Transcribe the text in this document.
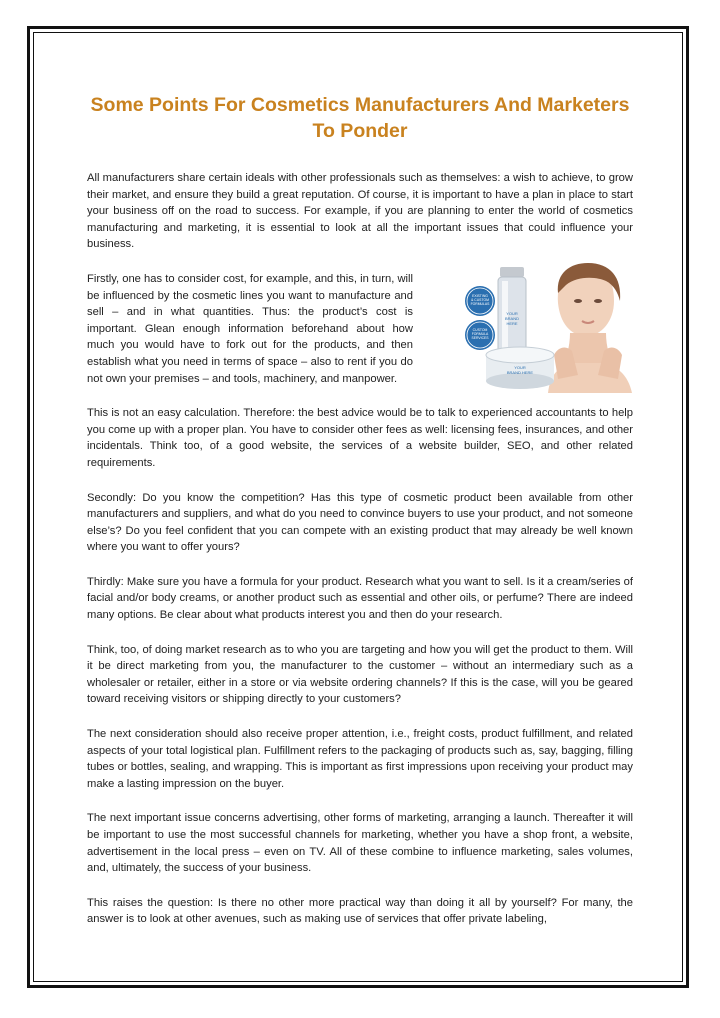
Some Points For Cosmetics Manufacturers And Marketers To Ponder

All manufacturers share certain ideals with other professionals such as themselves: a wish to achieve, to grow their market, and ensure they build a great reputation. Of course, it is important to have a plan in place to start your business off on the road to success. For example, if you are planning to enter the world of cosmetics manufacturing and marketing, it is essential to look at all the important issues that could influence your business.

Firstly, one has to consider cost, for example, and this, in turn, will be influenced by the cosmetic lines you want to manufacture and sell – and in what quantities. Thus: the product’s cost is important. Glean enough information beforehand about how much you would have to fork out for the products, and then establish what you need in terms of space – also to rent if you do not own your premises – and tools, machinery, and manpower.

YOUR
BRAND
HERE
YOUR
BRAND HERE
EXISTING
& CUSTOM
FORMULAS
CUSTOM
FORMULA
SERVICES

This is not an easy calculation. Therefore: the best advice would be to talk to experienced accountants to help you come up with a proper plan. You have to consider other fees as well: licensing fees, insurances, and other incidentals. Think too, of a good website, the services of a website builder, SEO, and other related requirements.

Secondly: Do you know the competition? Has this type of cosmetic product been available from other manufacturers and suppliers, and what do you need to convince buyers to use your product, and not someone else’s? Do you feel confident that you can compete with an existing product that may already be well known where you want to offer yours?

Thirdly: Make sure you have a formula for your product. Research what you want to sell. Is it a cream/series of facial and/or body creams, or another product such as essential and other oils, or perfume? There are indeed many options. Be clear about what products interest you and then do your research.

Think, too, of doing market research as to who you are targeting and how you will get the product to them. Will it be direct marketing from you, the manufacturer to the customer – without an intermediary such as a wholesaler or retailer, either in a store or via website ordering channels? If this is the case, will you be geared toward receiving visitors or shipping directly to your customers?

The next consideration should also receive proper attention, i.e., freight costs, product fulfillment, and related aspects of your total logistical plan. Fulfillment refers to the packaging of products such as, say, bagging, filling tubes or bottles, sealing, and wrapping. This is important as first impressions upon receiving your product may make a lasting impression on the buyer.

The next important issue concerns advertising, other forms of marketing, arranging a launch. Thereafter it will be important to use the most successful channels for marketing, whether you have a shop front, a website, advertisement in the local press – even on TV. All of these combine to influence marketing, sales volumes, and, ultimately, the success of your business.

This raises the question: Is there no other more practical way than doing it all by yourself? For many, the answer is to look at other avenues, such as making use of services that offer private labeling,
